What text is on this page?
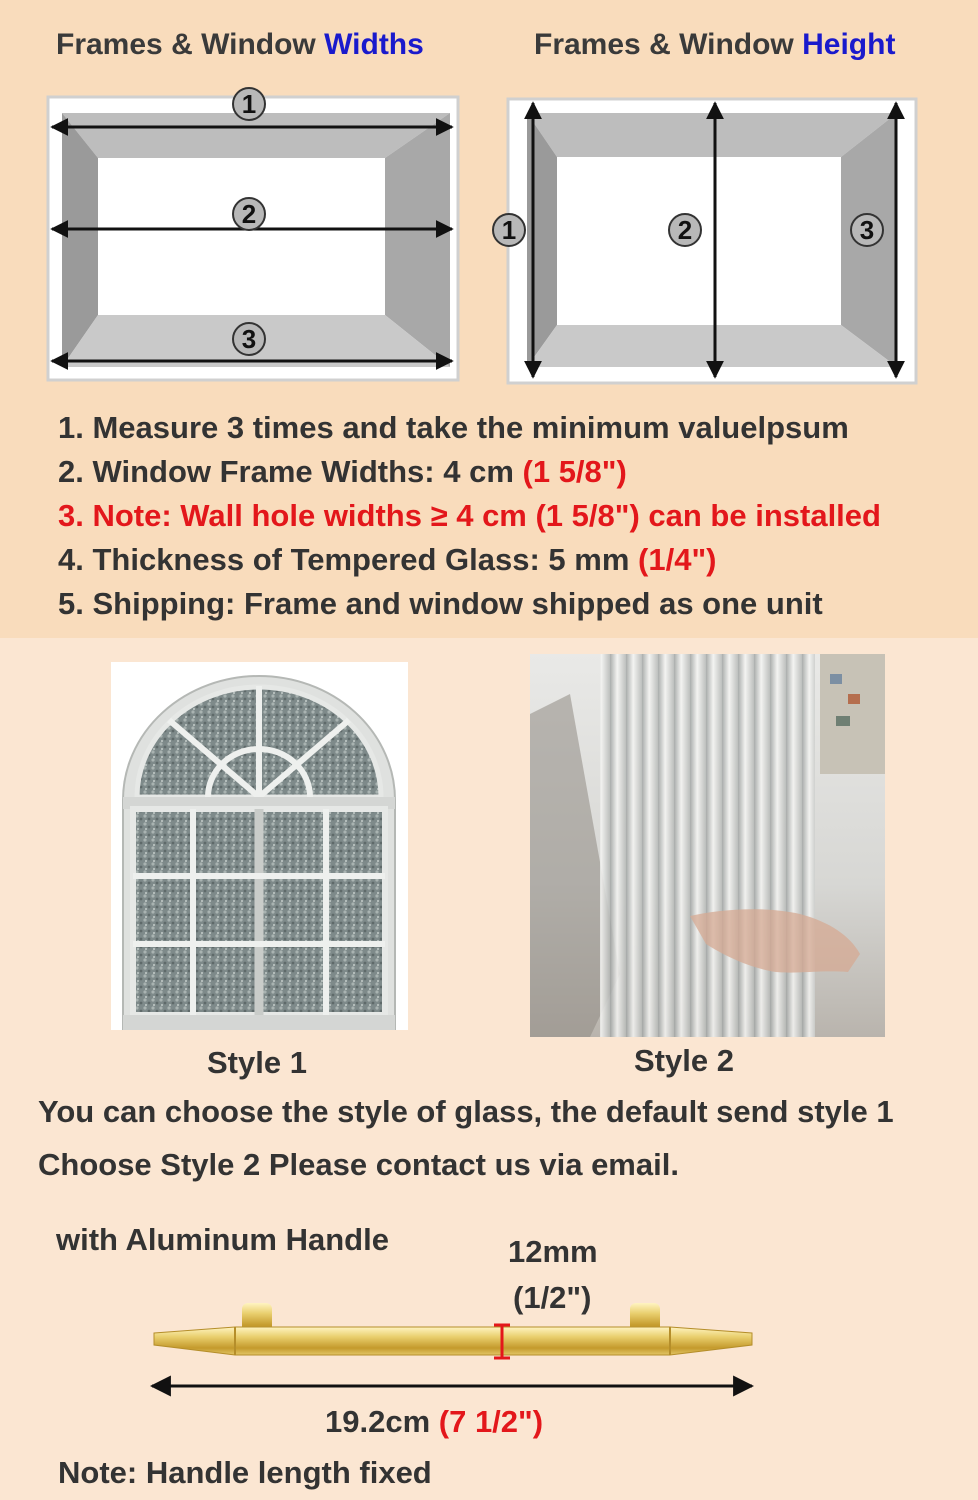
Frames & Window Widths	Frames & Window Height
1
2
3
1	2	3
1. Measure 3 times and take the minimum valuelpsum
2. Window Frame Widths: 4 cm (1 5/8")
3. Note: Wall hole widths ≥ 4 cm (1 5/8") can be installed
4. Thickness of Tempered Glass: 5 mm (1/4")
5. Shipping: Frame and window shipped as one unit
Style 1	Style 2
You can choose the style of glass, the default send style 1
Choose Style 2 Please contact us via email.
with Aluminum Handle	12mm
(1/2")
19.2cm (7 1/2")
Note: Handle length fixed
